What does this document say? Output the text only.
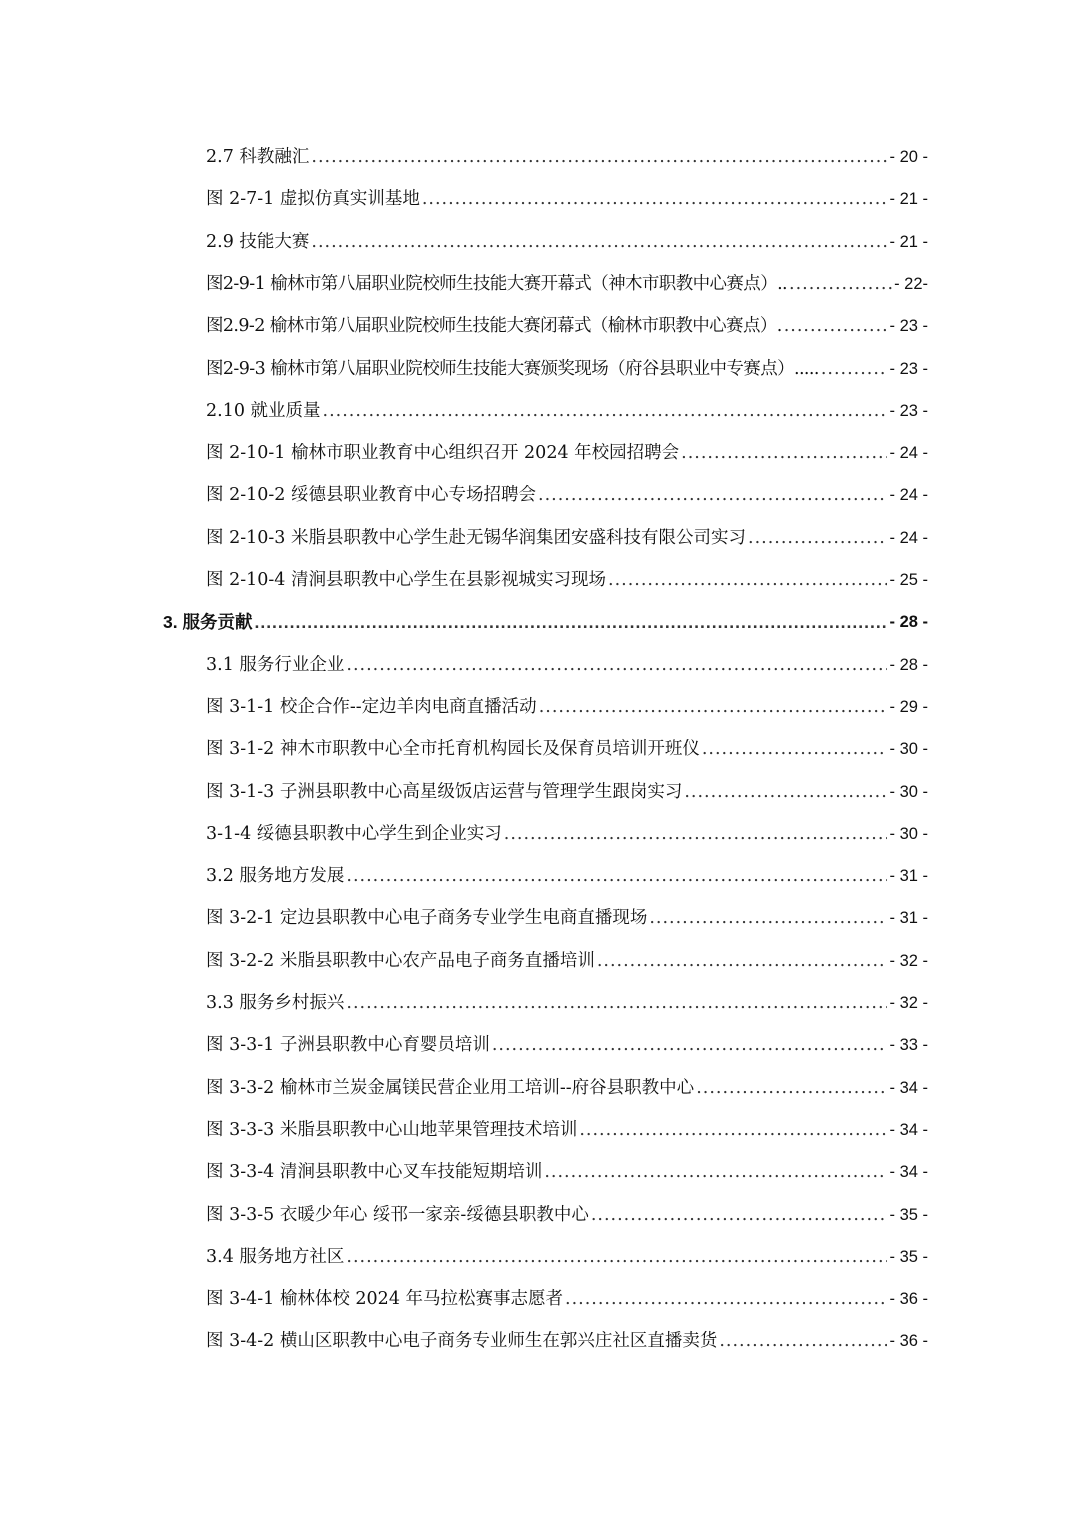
2.7 科教融汇 .....	- 20 -
图 2-7-1 虚拟仿真实训基地 .....	- 21 -
2.9 技能大赛 .....	- 21 -
图2-9-1 榆林市第八届职业院校师生技能大赛开幕式（神木市职教中心赛点）.. .....	- 22-
图2.9-2 榆林市第八届职业院校师生技能大赛闭幕式（榆林市职教中心赛点）. .....	- 23 -
图2-9-3 榆林市第八届职业院校师生技能大赛颁奖现场（府谷县职业中专赛点）..... .....	- 23 -
2.10 就业质量 .....	- 23 -
图 2-10-1 榆林市职业教育中心组织召开 2024 年校园招聘会 .....	- 24 -
图 2-10-2 绥德县职业教育中心专场招聘会 .....	- 24 -
图 2-10-3 米脂县职教中心学生赴无锡华润集团安盛科技有限公司实习 .....	- 24 -
图 2-10-4 清涧县职教中心学生在县影视城实习现场 .....	- 25 -
3. 服务贡献 .....	- 28 -
3.1 服务行业企业 .....	- 28 -
图 3-1-1 校企合作--定边羊肉电商直播活动 .....	- 29 -
图 3-1-2 神木市职教中心全市托育机构园长及保育员培训开班仪 .....	- 30 -
图 3-1-3 子洲县职教中心高星级饭店运营与管理学生跟岗实习 .....	- 30 -
3-1-4 绥德县职教中心学生到企业实习 .....	- 30 -
3.2 服务地方发展 .....	- 31 -
图 3-2-1 定边县职教中心电子商务专业学生电商直播现场 .....	- 31 -
图 3-2-2 米脂县职教中心农产品电子商务直播培训 .....	- 32 -
3.3 服务乡村振兴 .....	- 32 -
图 3-3-1 子洲县职教中心育婴员培训 .....	- 33 -
图 3-3-2 榆林市兰炭金属镁民营企业用工培训--府谷县职教中心 .....	- 34 -
图 3-3-3 米脂县职教中心山地苹果管理技术培训 .....	- 34 -
图 3-3-4 清涧县职教中心叉车技能短期培训 .....	- 34 -
图 3-3-5 衣暖少年心 绥邗一家亲-绥德县职教中心 .....	- 35 -
3.4 服务地方社区 .....	- 35 -
图 3-4-1 榆林体校 2024 年马拉松赛事志愿者 .....	- 36 -
图 3-4-2 横山区职教中心电子商务专业师生在郭兴庄社区直播卖货 .....	- 36 -
